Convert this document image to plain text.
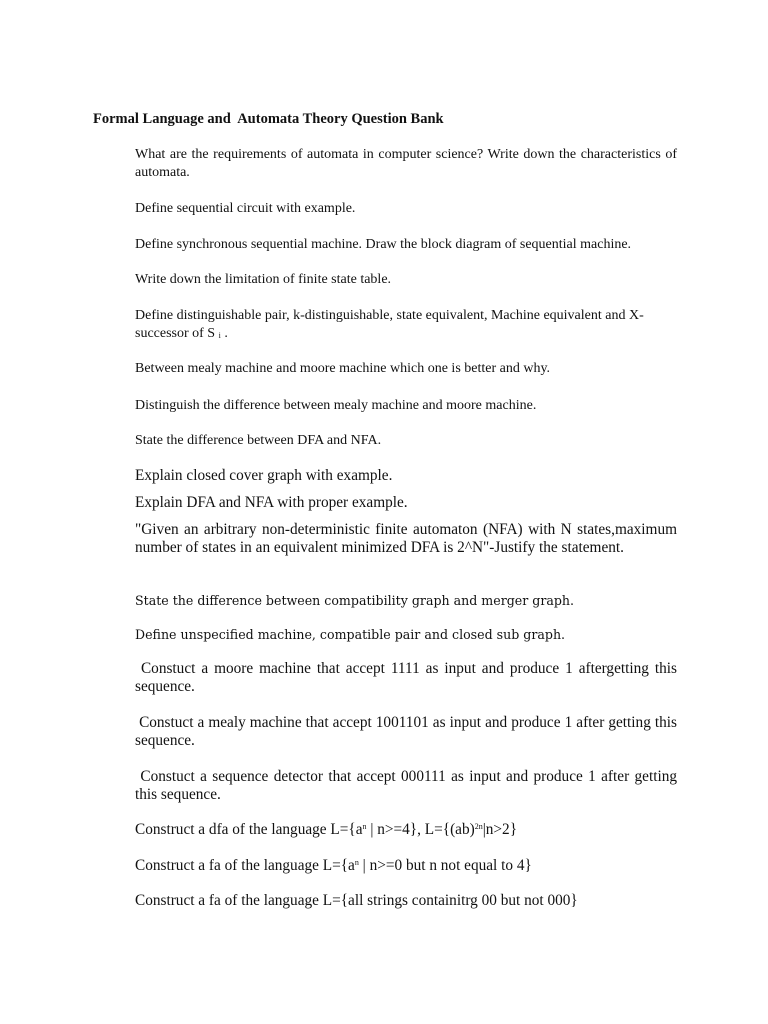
Formal Language and  Automata Theory Question Bank

What are the requirements of automata in computer science? Write down the characteristics of automata.

Define sequential circuit with example.

Define synchronous sequential machine. Draw the block diagram of sequential machine.

Write down the limitation of finite state table.

Define distinguishable pair, k-distinguishable, state equivalent, Machine equivalent and X-successor of S $_i$ .

Between mealy machine and moore machine which one is better and why.

Distinguish the difference between mealy machine and moore machine.

State the difference between DFA and NFA.

Explain closed cover graph with example.

Explain DFA and NFA with proper example.

"Given an arbitrary non-deterministic finite automaton (NFA) with N states,maximum number of states in an equivalent minimized DFA is 2^N"-Justify the statement.

State the difference between compatibility graph and merger graph.

Define unspecified machine, compatible pair and closed sub graph.

Constuct a moore machine that accept 1111 as input and produce 1 aftergetting this sequence.

Constuct a mealy machine that accept 1001101 as input and produce 1 after getting this sequence.

Constuct a sequence detector that accept 000111 as input and produce 1 after getting this sequence.

Construct a dfa of the language $L=\{a^n$ | n>=4}, L={(ab)$^{2n}$|n>2}

Construct a fa of the language $L=\{a^n$ | n>=0 but n not equal to 4}

Construct a fa of the language L={all strings containitrg 00 but not 000}
